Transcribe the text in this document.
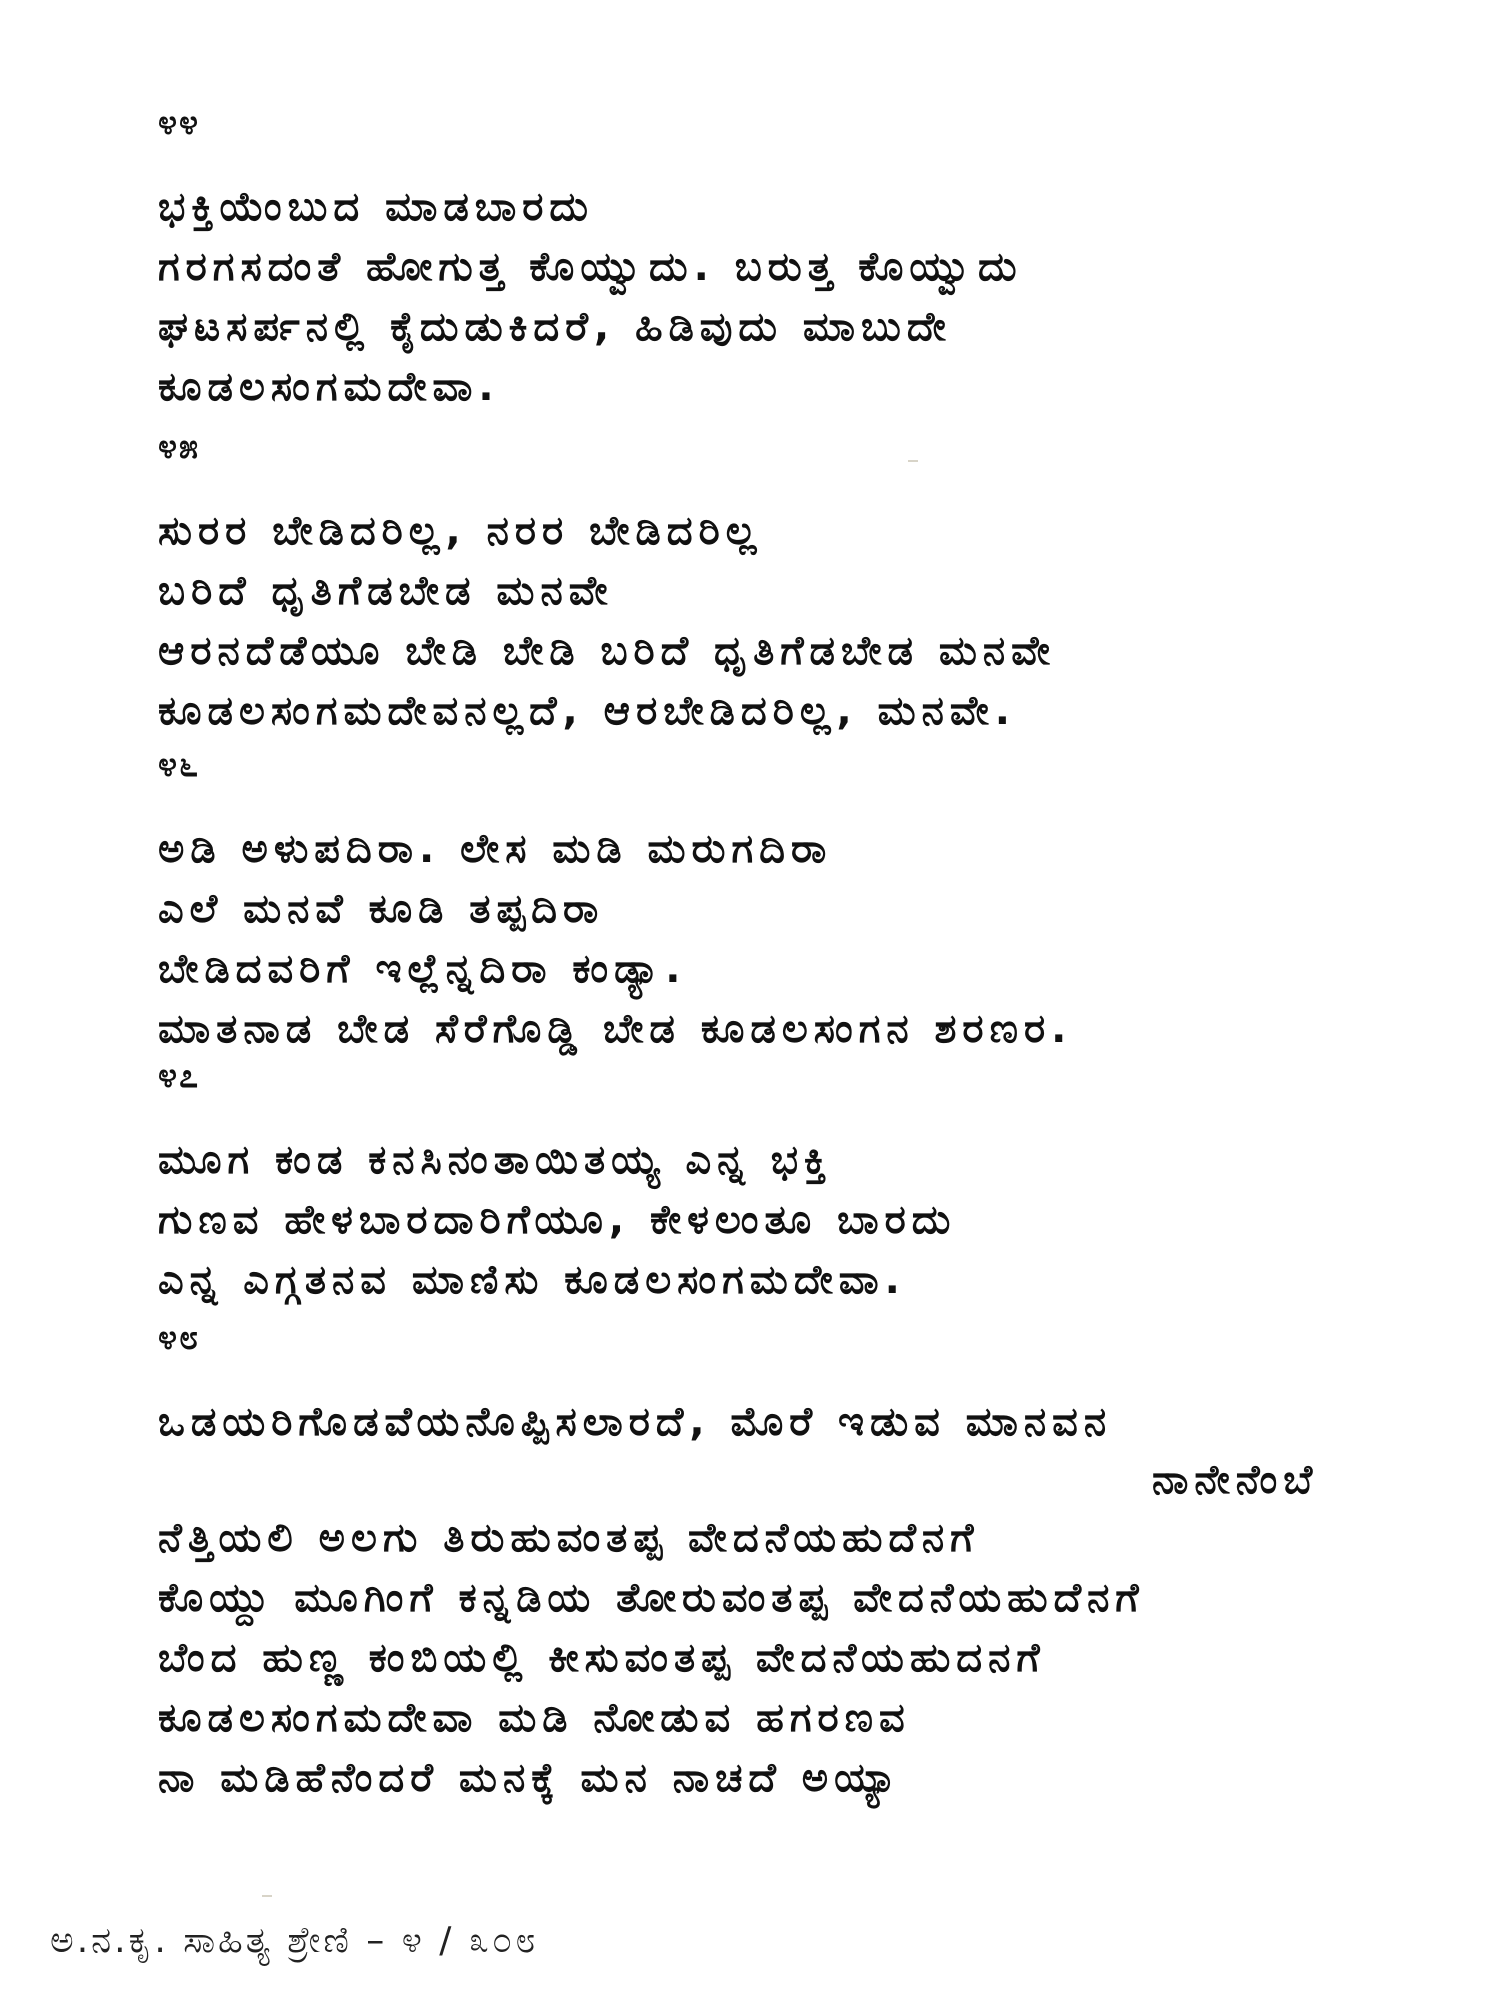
೪೪
ಭಕ್ತಿಯೆಂಬುದ ಮಾಡಬಾರದು
ಗರಗಸದಂತೆ ಹೋಗುತ್ತ ಕೊಯ್ವುದು. ಬರುತ್ತ ಕೊಯ್ವುದು
ಘಟಸರ್ಪನಲ್ಲಿ ಕೈದುಡುಕಿದರೆ, ಹಿಡಿವುದು ಮಾಬುದೇ
ಕೂಡಲಸಂಗಮದೇವಾ.
೪೫
ಸುರರ ಬೇಡಿದರಿಲ್ಲ, ನರರ ಬೇಡಿದರಿಲ್ಲ
ಬರಿದೆ ಧೃತಿಗೆಡಬೇಡ ಮನವೇ
ಆರನದೆಡೆಯೂ ಬೇಡಿ ಬೇಡಿ ಬರಿದೆ ಧೃತಿಗೆಡಬೇಡ ಮನವೇ
ಕೂಡಲಸಂಗಮದೇವನಲ್ಲದೆ, ಆರಬೇಡಿದರಿಲ್ಲ, ಮನವೇ.
೪೬
ಅಡಿ ಅಳುಪದಿರಾ. ಲೇಸ ಮಡಿ ಮರುಗದಿರಾ
ಎಲೆ ಮನವೆ ಕೂಡಿ ತಪ್ಪದಿರಾ
ಬೇಡಿದವರಿಗೆ ಇಲ್ಲೆನ್ನದಿರಾ ಕಂಡ್ಯಾ.
ಮಾತನಾಡ ಬೇಡ ಸೆರೆಗೊಡ್ಡಿ ಬೇಡ ಕೂಡಲಸಂಗನ ಶರಣರ.
೪೭
ಮೂಗ ಕಂಡ ಕನಸಿನಂತಾಯಿತಯ್ಯ ಎನ್ನ ಭಕ್ತಿ
ಗುಣವ ಹೇಳಬಾರದಾರಿಗೆಯೂ, ಕೇಳಲಂತೂ ಬಾರದು
ಎನ್ನ ಎಗ್ಗತನವ ಮಾಣಿಸು ಕೂಡಲಸಂಗಮದೇವಾ.
೪೮
ಒಡಯರಿಗೊಡವೆಯನೊಪ್ಪಿಸಲಾರದೆ, ಮೊರೆ ಇಡುವ ಮಾನವನ
ನಾನೇನೆಂಬೆ
ನೆತ್ತಿಯಲಿ ಅಲಗು ತಿರುಹುವಂತಪ್ಪ ವೇದನೆಯಹುದೆನಗೆ
ಕೊಯ್ದು ಮೂಗಿಂಗೆ ಕನ್ನಡಿಯ ತೋರುವಂತಪ್ಪ ವೇದನೆಯಹುದೆನಗೆ
ಬೆಂದ ಹುಣ್ಣ ಕಂಬಿಯಲ್ಲಿ ಕೀಸುವಂತಪ್ಪ ವೇದನೆಯಹುದನಗೆ
ಕೂಡಲಸಂಗಮದೇವಾ ಮಡಿ ನೋಡುವ ಹಗರಣವ
ನಾ ಮಡಿಹೆನೆಂದರೆ ಮನಕ್ಕೆ ಮನ ನಾಚದೆ ಅಯ್ಯಾ
ಅ.ನ.ಕೃ. ಸಾಹಿತ್ಯ ಶ್ರೇಣಿ – ೪ / ೩೦೮
